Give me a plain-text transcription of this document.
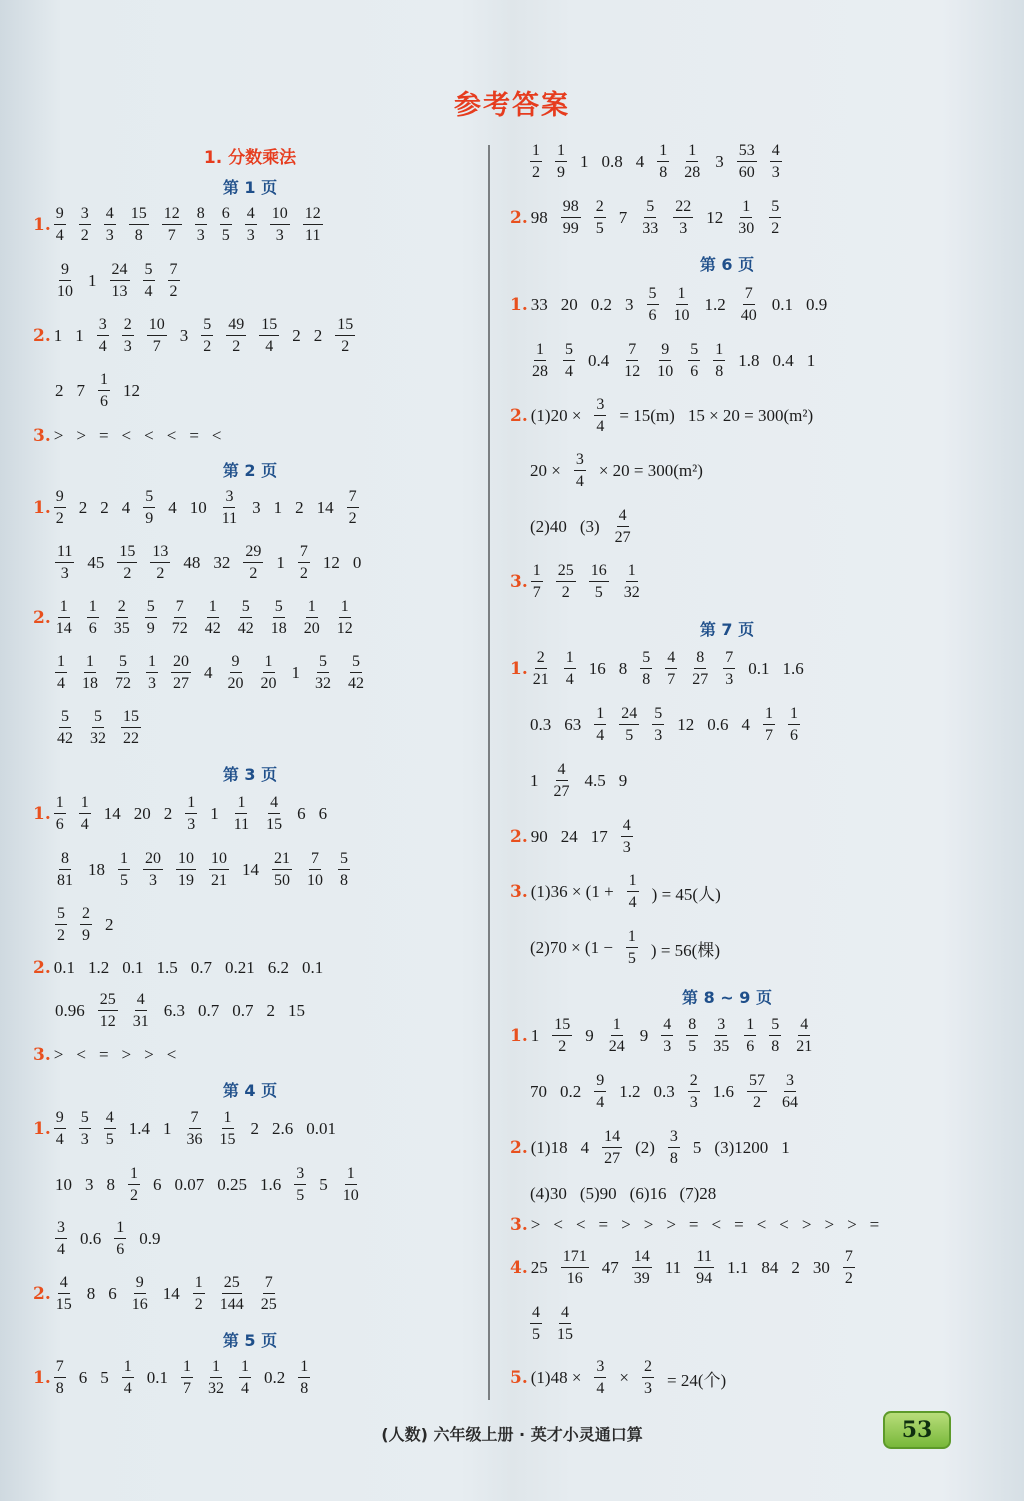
参考答案
1. 分数乘法
第 1 页
第 2 页
第 3 页
第 4 页
第 5 页
第 6 页
第 7 页
第 8 ~ 9 页
1. $\frac{9}{4} \frac{3}{2} \frac{4}{3} \frac{15}{8} \frac{12}{7} \frac{8}{3} \frac{6}{5} \frac{4}{3} \frac{10}{3} \frac{12}{11}$
$\frac{9}{10} 1 \frac{24}{13} \frac{5}{4} \frac{7}{2}$
2. 1 $1 \frac{3}{4} \frac{2}{3} \frac{10}{7} 3 \frac{5}{2} \frac{49}{2} \frac{15}{4} 2$ $2 \frac{15}{2}$
2 $7 \frac{1}{6} 12$
3. > > = < < < = <
1. $\frac{9}{2} 2$ 2 $4 \frac{5}{9} 4$ $10 \frac{3}{11} 3$ 1 2 $14 \frac{7}{2}$
$\frac{11}{3} 45 \frac{15}{2} \frac{13}{2} 48$ $32 \frac{29}{2} 1 \frac{7}{2} 12$ 0
2. $\frac{1}{14} \frac{1}{6} \frac{2}{35} \frac{5}{9} \frac{7}{72} \frac{1}{42} \frac{5}{42} \frac{5}{18} \frac{1}{20} \frac{1}{12}$
$\frac{1}{4} \frac{1}{18} \frac{5}{72} \frac{1}{3} \frac{20}{27} 4 \frac{9}{20} \frac{1}{20} 1 \frac{5}{32} \frac{5}{42}$
$\frac{5}{42} \frac{5}{32} \frac{15}{22}$
1. $\frac{1}{6} \frac{1}{4} 14$ 20 $2 \frac{1}{3} 1 \frac{1}{11} \frac{4}{15} 6$ 6
$\frac{8}{81} 18 \frac{1}{5} \frac{20}{3} \frac{10}{19} \frac{10}{21} 14 \frac{21}{50} \frac{7}{10} \frac{5}{8}$
$\frac{5}{2} \frac{2}{9} 2$
2. 0.1 1.2 0.1 1.5 0.7 0.21 6.2 0.1
$0.96 \frac{25}{12} \frac{4}{31} 6.3$ 0.7 0.7 2 15
3. > < = > > <
1. $\frac{9}{4} \frac{5}{3} \frac{4}{5} 1.4$ $1 \frac{7}{36} \frac{1}{15} 2$ 2.6 0.01
10 3 $8 \frac{1}{2} 6$ 0.07 0.25 $1.6 \frac{3}{5} 5 \frac{1}{10}$
$\frac{3}{4} 0.6 \frac{1}{6} 0.9$
2. $\frac{4}{15} 8$ $6 \frac{9}{16} 14 \frac{1}{2} \frac{25}{144} \frac{7}{25}$
1. $\frac{7}{8} 6$ $5 \frac{1}{4} 0.1 \frac{1}{7} \frac{1}{32} \frac{1}{4} 0.2 \frac{1}{8}$
$\frac{1}{2} \frac{1}{9} 1$ 0.8 $4 \frac{1}{8} \frac{1}{28} 3 \frac{53}{60} \frac{4}{3}$
2. $98 \frac{98}{99} \frac{2}{5} 7 \frac{5}{33} \frac{22}{3} 12 \frac{1}{30} \frac{5}{2}$
1. 33 20 0.2 $3 \frac{5}{6} \frac{1}{10} 1.2 \frac{7}{40} 0.1$ 0.9
$\frac{1}{28} \frac{5}{4} 0.4 \frac{7}{12} \frac{9}{10} \frac{5}{6} \frac{1}{8} 1.8$ 0.4 1
2. $(1)20 \times \frac{3}{4} = 15(m) 15 \times 20 = 300(m^2)$
$20 \times \frac{3}{4} \times 20 = 300(m^2)$
(2)40 $(3) \frac{4}{27}$
3. $\frac{1}{7} \frac{25}{2} \frac{16}{5} \frac{1}{32}$
1. $\frac{2}{21} \frac{1}{4} 16$ $8 \frac{5}{8} \frac{4}{7} \frac{8}{27} \frac{7}{3} 0.1$ 1.6
0.3 $63 \frac{1}{4} \frac{24}{5} \frac{5}{3} 12$ 0.6 $4 \frac{1}{7} \frac{1}{6}$
$1 \frac{4}{27} 4.5$ 9
2. 90 24 $17 \frac{4}{3}$
3. $(1)36 \times (1 + \frac{1}{4}$ ) = 45(人)
$(2)70 \times (1 - \frac{1}{5}$ ) = 56(棵)
1. $1 \frac{15}{2} 9 \frac{1}{24} 9 \frac{4}{3} \frac{8}{5} \frac{3}{35} \frac{1}{6} \frac{5}{8} \frac{4}{21}$
70 $0.2 \frac{9}{4} 1.2$ $0.3 \frac{2}{3} 1.6 \frac{57}{2} \frac{3}{64}$
2. (1)18 $4 \frac{14}{27} (2) \frac{3}{8} 5$ (3)1200 1
(4)30 (5)90 (6)16 (7)28
3. > < < = > > > = < = < < > > > =
4. $25 \frac{171}{16} 47 \frac{14}{39} 11 \frac{11}{94} 1.1$ 84 2 $30 \frac{7}{2}$
$\frac{4}{5} \frac{4}{15}$
5. $(1)48 \times \frac{3}{4} \times \frac{2}{3} = 24$(个)
(人数) 六年级上册 · 英才小灵通口算	53
